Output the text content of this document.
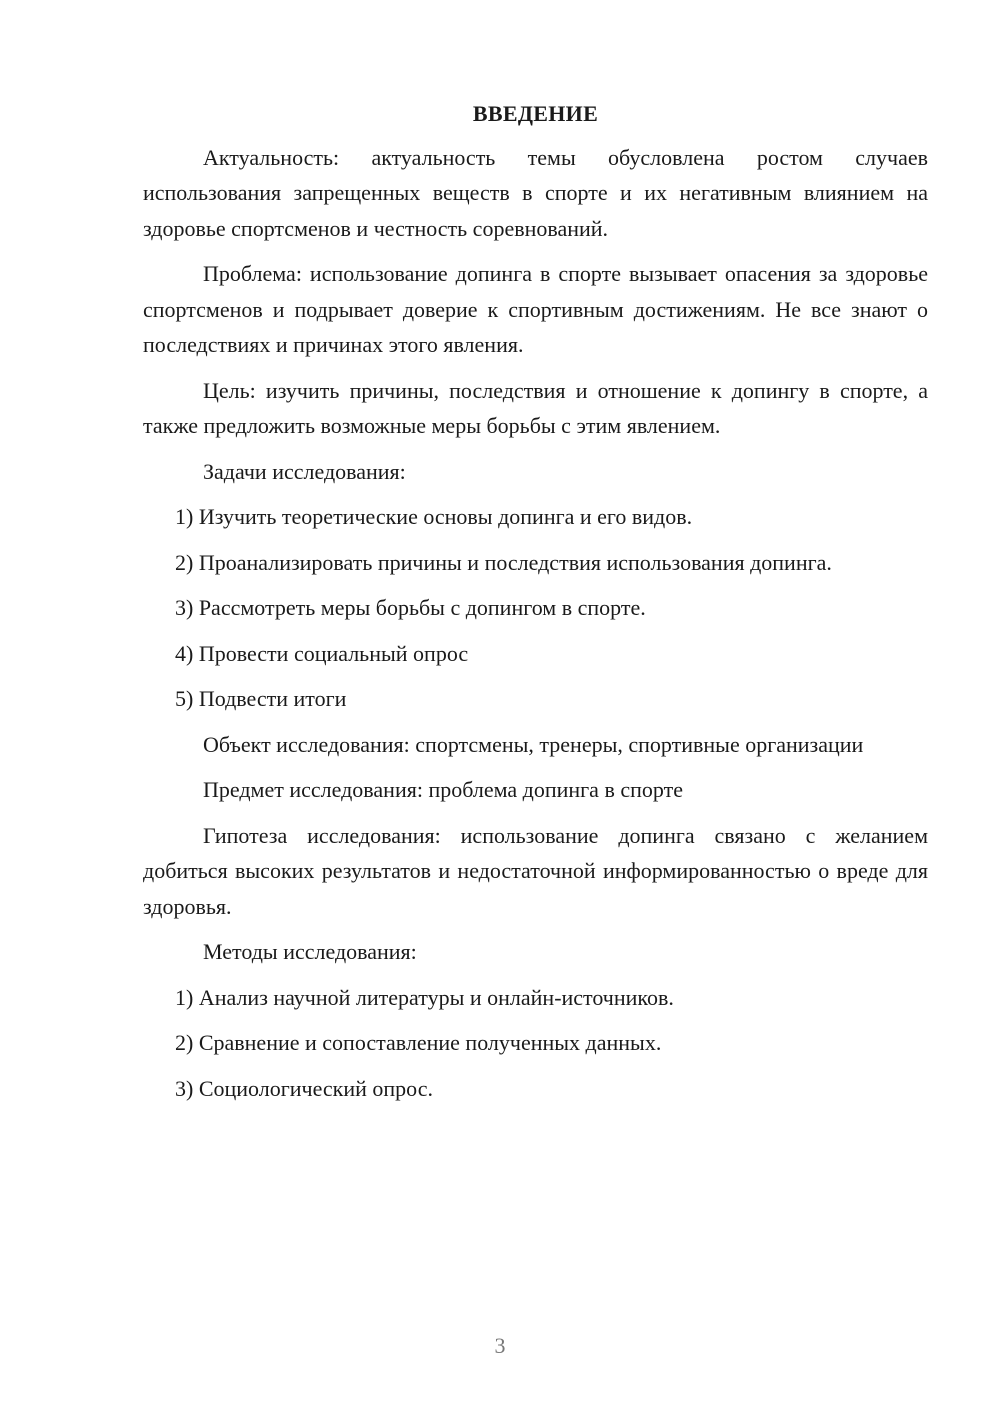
ВВЕДЕНИЕ

Актуальность: актуальность темы обусловлена ростом случаев использования запрещенных веществ в спорте и их негативным влиянием на здоровье спортсменов и честность соревнований.

Проблема: использование допинга в спорте вызывает опасения за здоровье спортсменов и подрывает доверие к спортивным достижениям. Не все знают о последствиях и причинах этого явления.

Цель: изучить причины, последствия и отношение к допингу в спорте, а также предложить возможные меры борьбы с этим явлением.

Задачи исследования:

1) Изучить теоретические основы допинга и его видов.

2) Проанализировать причины и последствия использования допинга.

3) Рассмотреть меры борьбы с допингом в спорте.

4) Провести социальный опрос

5) Подвести итоги

Объект исследования: спортсмены, тренеры, спортивные организации

Предмет исследования: проблема допинга в спорте

Гипотеза исследования: использование допинга связано с желанием добиться высоких результатов и недостаточной информированностью о вреде для здоровья.

Методы исследования:

1) Анализ научной литературы и онлайн-источников.

2) Сравнение и сопоставление полученных данных.

3) Социологический опрос.

3
